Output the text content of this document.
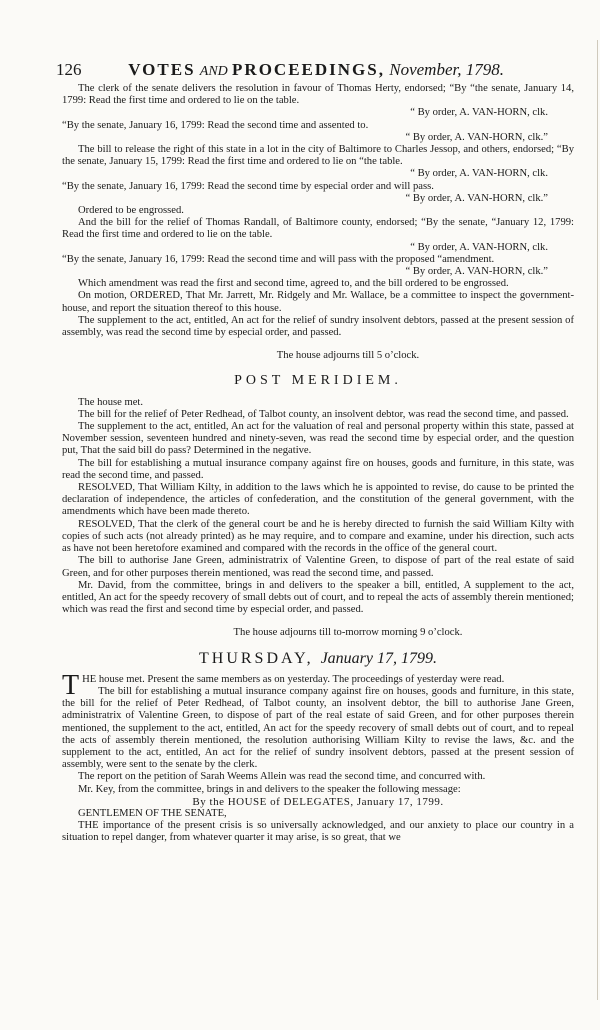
126	VOTES AND PROCEEDINGS, November, 1798.

The clerk of the senate delivers the resolution in favour of Thomas Herty, endorsed; “By “the senate, January 14, 1799: Read the first time and ordered to lie on the table.

“ By order, A. VAN-HORN, clk.

“By the senate, January 16, 1799: Read the second time and assented to.

“ By order, A. VAN-HORN, clk.”

The bill to release the right of this state in a lot in the city of Baltimore to Charles Jessop, and others, endorsed; “By the senate, January 15, 1799: Read the first time and ordered to lie on “the table.

“ By order, A. VAN-HORN, clk.

“By the senate, January 16, 1799: Read the second time by especial order and will pass.

“ By order, A. VAN-HORN, clk.”

Ordered to be engrossed.

And the bill for the relief of Thomas Randall, of Baltimore county, endorsed; “By the senate, “January 12, 1799: Read the first time and ordered to lie on the table.

“ By order, A. VAN-HORN, clk.

“By the senate, January 16, 1799: Read the second time and will pass with the proposed “amendment.

“ By order, A. VAN-HORN, clk.”

Which amendment was read the first and second time, agreed to, and the bill ordered to be engrossed.

On motion, ORDERED, That Mr. Jarrett, Mr. Ridgely and Mr. Wallace, be a committee to inspect the government-house, and report the situation thereof to this house.

The supplement to the act, entitled, An act for the relief of sundry insolvent debtors, passed at the present session of assembly, was read the second time by especial order, and passed.

The house adjourns till 5 o’clock.

POST MERIDIEM.

The house met.

The bill for the relief of Peter Redhead, of Talbot county, an insolvent debtor, was read the second time, and passed.

The supplement to the act, entitled, An act for the valuation of real and personal property within this state, passed at November session, seventeen hundred and ninety-seven, was read the second time by especial order, and the question put, That the said bill do pass? Determined in the negative.

The bill for establishing a mutual insurance company against fire on houses, goods and furniture, in this state, was read the second time, and passed.

RESOLVED, That William Kilty, in addition to the laws which he is appointed to revise, do cause to be printed the declaration of independence, the articles of confederation, and the constitution of the general government, with the amendments which have been made thereto.

RESOLVED, That the clerk of the general court be and he is hereby directed to furnish the said William Kilty with copies of such acts (not already printed) as he may require, and to compare and examine, under his direction, such acts as have not been heretofore examined and compared with the records in the office of the general court.

The bill to authorise Jane Green, administratrix of Valentine Green, to dispose of part of the real estate of said Green, and for other purposes therein mentioned, was read the second time, and passed.

Mr. David, from the committee, brings in and delivers to the speaker a bill, entitled, A supplement to the act, entitled, An act for the speedy recovery of small debts out of court, and to repeal the acts of assembly therein mentioned; which was read the first and second time by especial order, and passed.

The house adjourns till to-morrow morning 9 o’clock.

THURSDAY, January 17, 1799.

THE house met. Present the same members as on yesterday. The proceedings of yesterday were read.

The bill for establishing a mutual insurance company against fire on houses, goods and furniture, in this state, the bill for the relief of Peter Redhead, of Talbot county, an insolvent debtor, the bill to authorise Jane Green, administratrix of Valentine Green, to dispose of part of the real estate of said Green, and for other purposes therein mentioned, the supplement to the act, entitled, An act for the speedy recovery of small debts out of court, and to repeal the acts of assembly therein mentioned, the resolution authorising William Kilty to revise the laws, &c. and the supplement to the act, entitled, An act for the relief of sundry insolvent debtors, passed at the present session of assembly, were sent to the senate by the clerk.

The report on the petition of Sarah Weems Allein was read the second time, and concurred with.

Mr. Key, from the committee, brings in and delivers to the speaker the following message:

By the HOUSE of DELEGATES, January 17, 1799.

GENTLEMEN OF THE SENATE,

THE importance of the present crisis is so universally acknowledged, and our anxiety to place our country in a situation to repel danger, from whatever quarter it may arise, is so great, that we
